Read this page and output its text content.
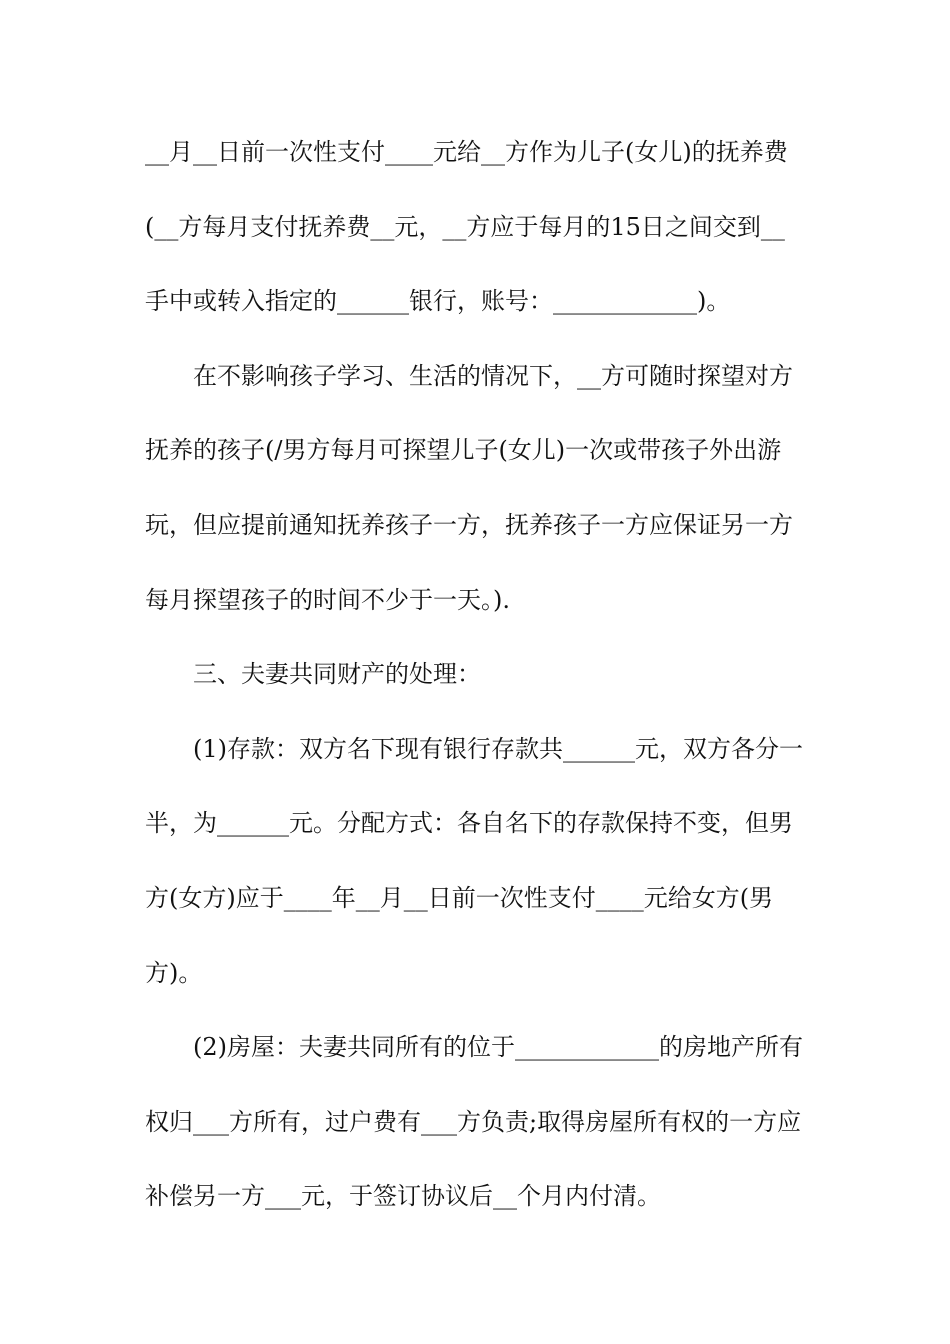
__月__日前一次性支付____元给__方作为儿子(女儿)的抚养费
(__方每月支付抚养费__元，__方应于每月的15日之间交到__
手中或转入指定的______银行，账号：____________)。
在不影响孩子学习、生活的情况下，__方可随时探望对方
抚养的孩子(/男方每月可探望儿子(女儿)一次或带孩子外出游
玩，但应提前通知抚养孩子一方，抚养孩子一方应保证另一方
每月探望孩子的时间不少于一天。).
三、夫妻共同财产的处理：
(1)存款：双方名下现有银行存款共______元，双方各分一
半，为______元。分配方式：各自名下的存款保持不变，但男
方(女方)应于____年__月__日前一次性支付____元给女方(男
方)。
(2)房屋：夫妻共同所有的位于____________的房地产所有
权归___方所有，过户费有___方负责;取得房屋所有权的一方应
补偿另一方___元，于签订协议后__个月内付清。
